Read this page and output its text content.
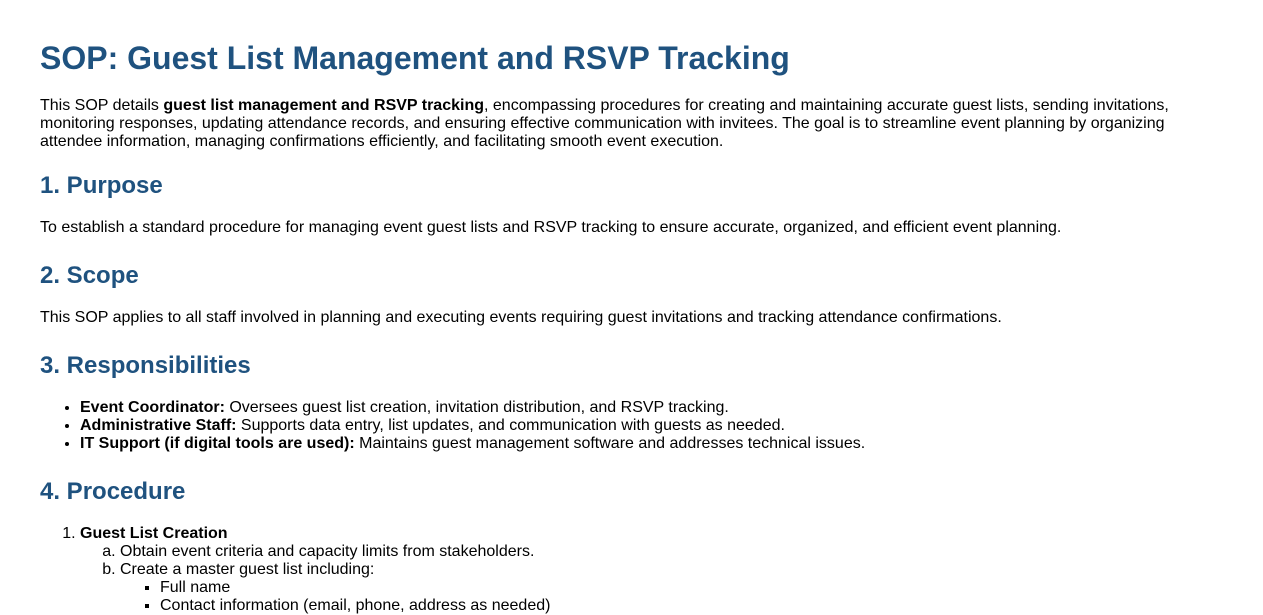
SOP: Guest List Management and RSVP Tracking

This SOP details guest list management and RSVP tracking, encompassing procedures for creating and maintaining accurate guest lists, sending invitations,
monitoring responses, updating attendance records, and ensuring effective communication with invitees. The goal is to streamline event planning by organizing
attendee information, managing confirmations efficiently, and facilitating smooth event execution.

1. Purpose

To establish a standard procedure for managing event guest lists and RSVP tracking to ensure accurate, organized, and efficient event planning.

2. Scope

This SOP applies to all staff involved in planning and executing events requiring guest invitations and tracking attendance confirmations.

3. Responsibilities
• Event Coordinator: Oversees guest list creation, invitation distribution, and RSVP tracking.
• Administrative Staff: Supports data entry, list updates, and communication with guests as needed.
• IT Support (if digital tools are used): Maintains guest management software and addresses technical issues.
4. Procedure
1. Guest List Creation
a. Obtain event criteria and capacity limits from stakeholders.
b. Create a master guest list including:
▪ Full name
▪ Contact information (email, phone, address as needed)
